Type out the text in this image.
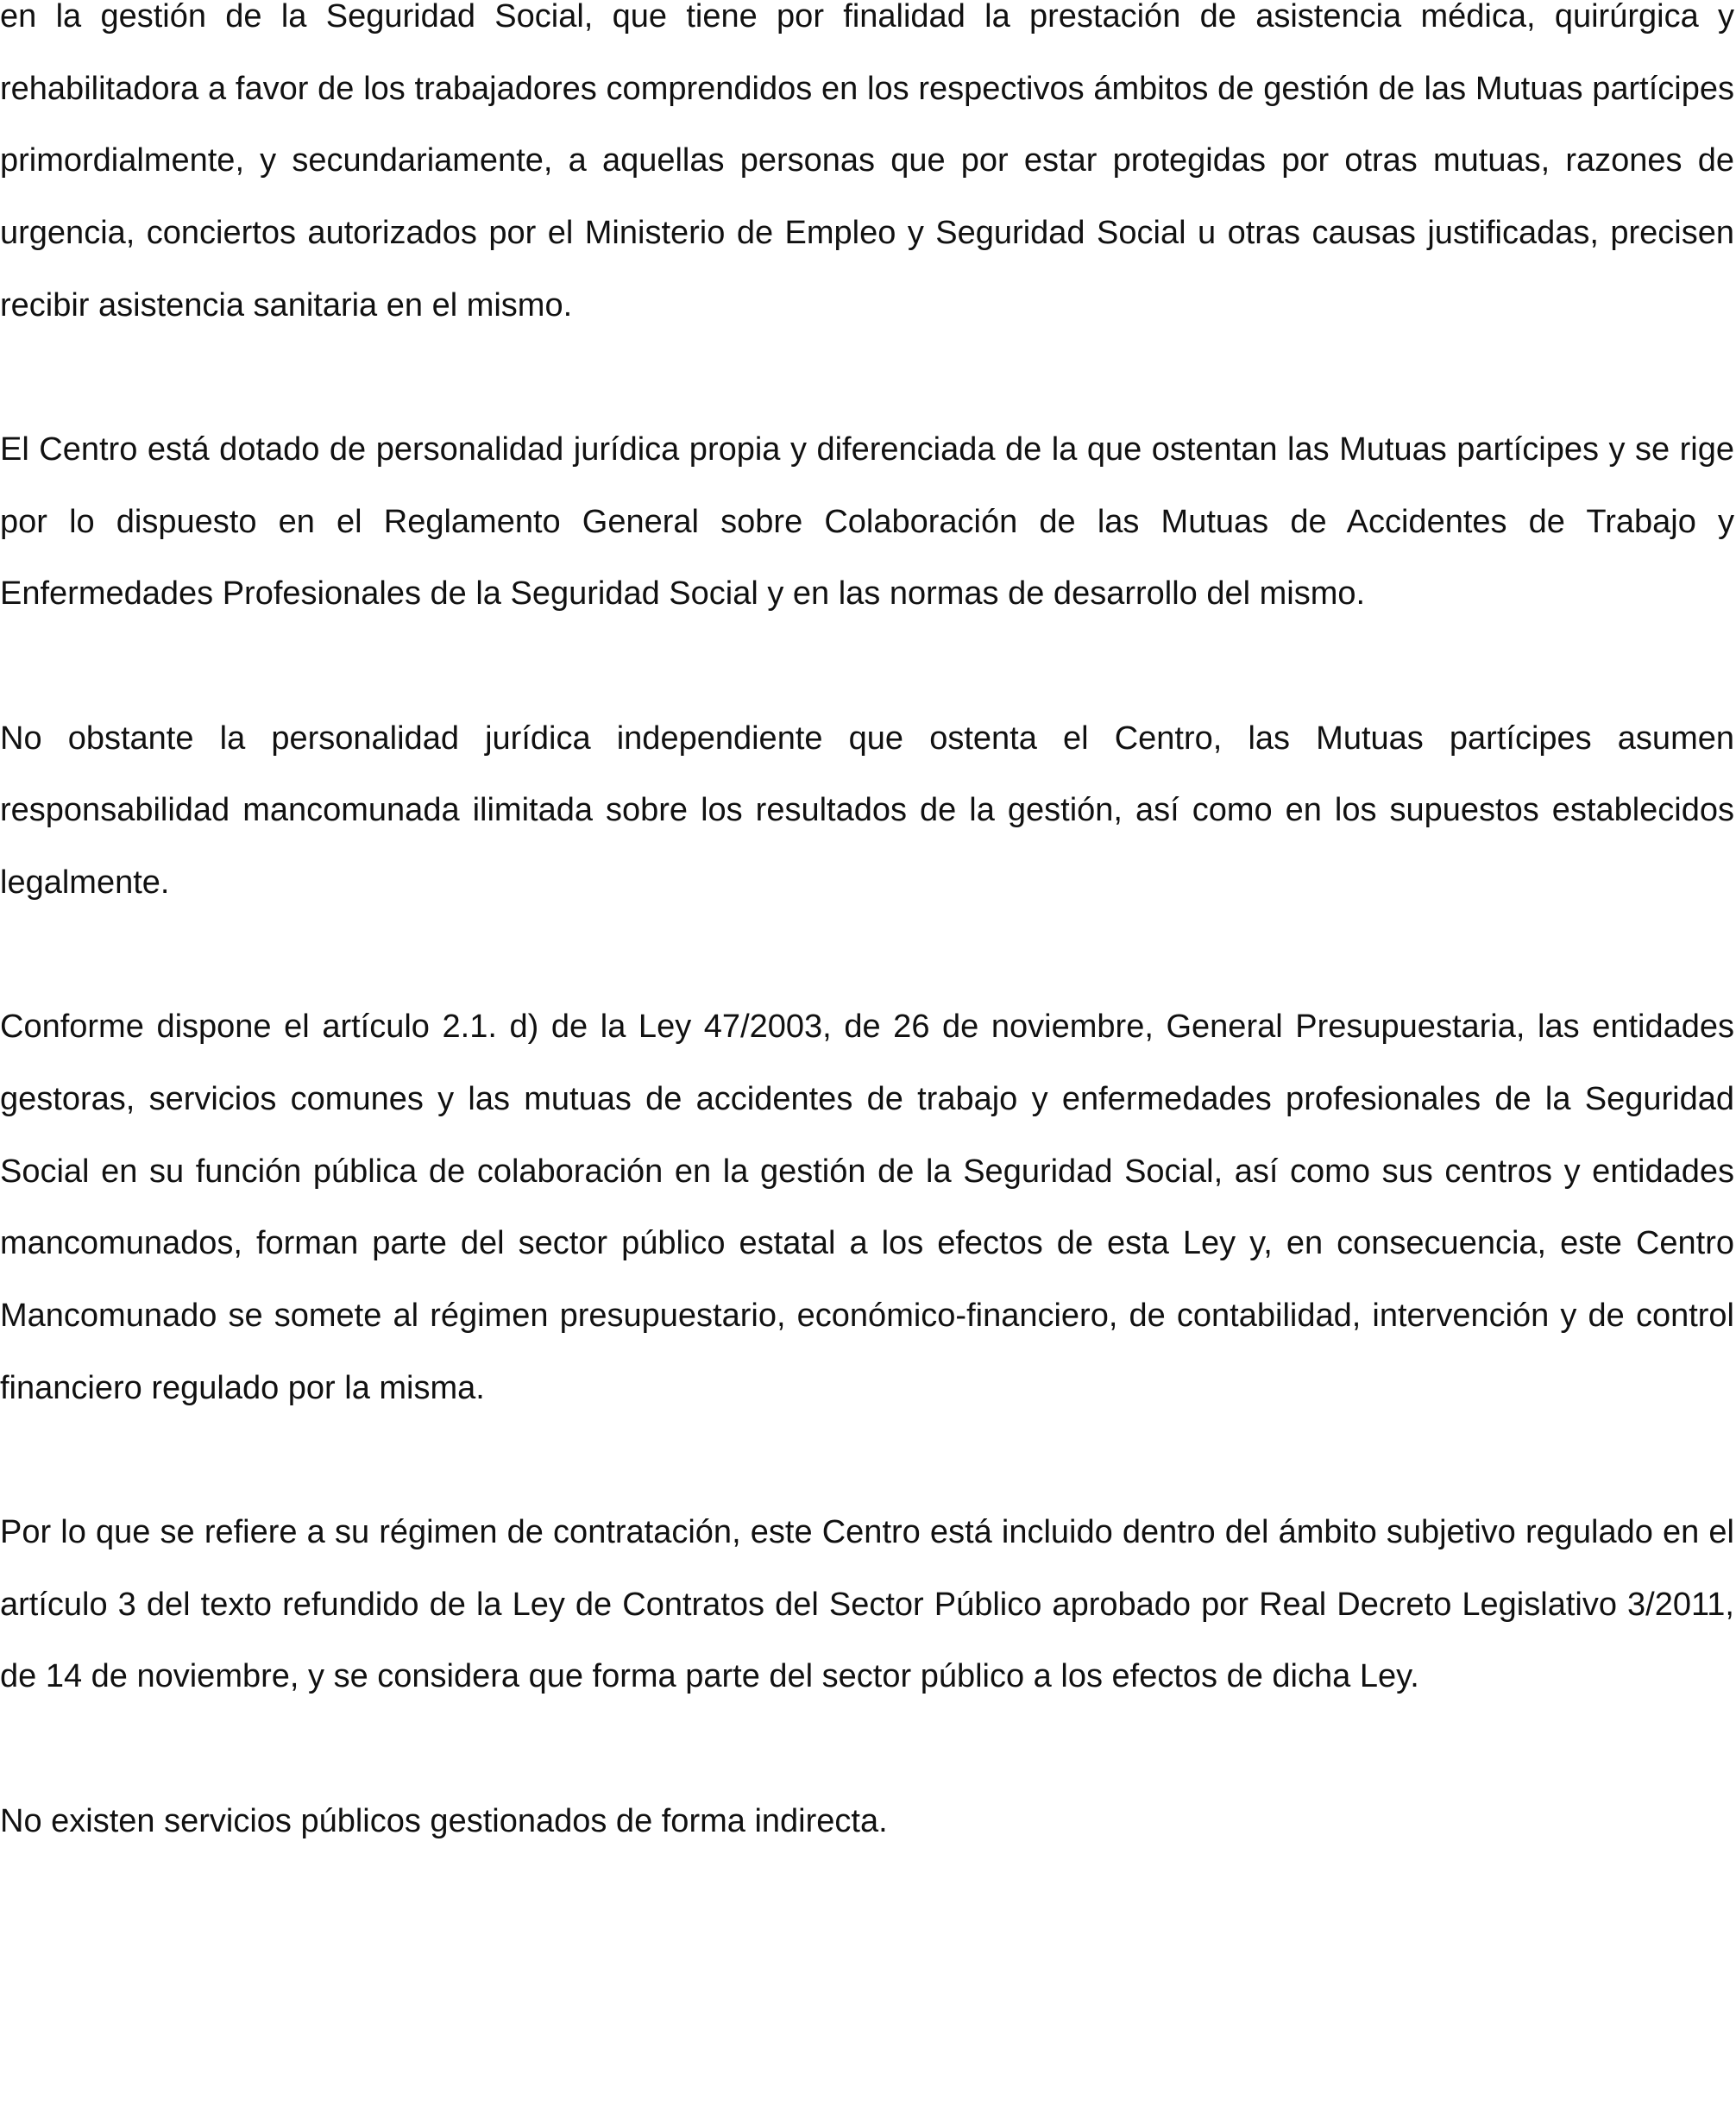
en la gestión de la Seguridad Social, que tiene por finalidad la prestación de asistencia médica, quirúrgica y rehabilitadora a favor de los trabajadores comprendidos en los respectivos ámbitos de gestión de las Mutuas partícipes primordialmente, y secundariamente, a aquellas personas que por estar protegidas por otras mutuas, razones de urgencia, conciertos autorizados por el Ministerio de Empleo y Seguridad Social u otras causas justificadas, precisen recibir asistencia sanitaria en el mismo.

El Centro está dotado de personalidad jurídica propia y diferenciada de la que ostentan las Mutuas partícipes y se rige por lo dispuesto en el Reglamento General sobre Colaboración de las Mutuas de Accidentes de Trabajo y Enfermedades Profesionales de la Seguridad Social y en las normas de desarrollo del mismo.

No obstante la personalidad jurídica independiente que ostenta el Centro, las Mutuas partícipes asumen responsabilidad mancomunada ilimitada sobre los resultados de la gestión, así como en los supuestos establecidos legalmente.

Conforme dispone el artículo 2.1. d) de la Ley 47/2003, de 26 de noviembre, General Presupuestaria, las entidades gestoras, servicios comunes y las mutuas de accidentes de trabajo y enfermedades profesionales de la Seguridad Social en su función pública de colaboración en la gestión de la Seguridad Social, así como sus centros y entidades mancomunados, forman parte del sector público estatal a los efectos de esta Ley y, en consecuencia, este Centro Mancomunado se somete al régimen presupuestario, económico-financiero, de contabilidad, intervención y de control financiero regulado por la misma.

Por lo que se refiere a su régimen de contratación, este Centro está incluido dentro del ámbito subjetivo regulado en el artículo 3 del texto refundido de la Ley de Contratos del Sector Público aprobado por Real Decreto Legislativo 3/2011, de 14 de noviembre, y se considera que forma parte del sector público a los efectos de dicha Ley.

No existen servicios públicos gestionados de forma indirecta.
